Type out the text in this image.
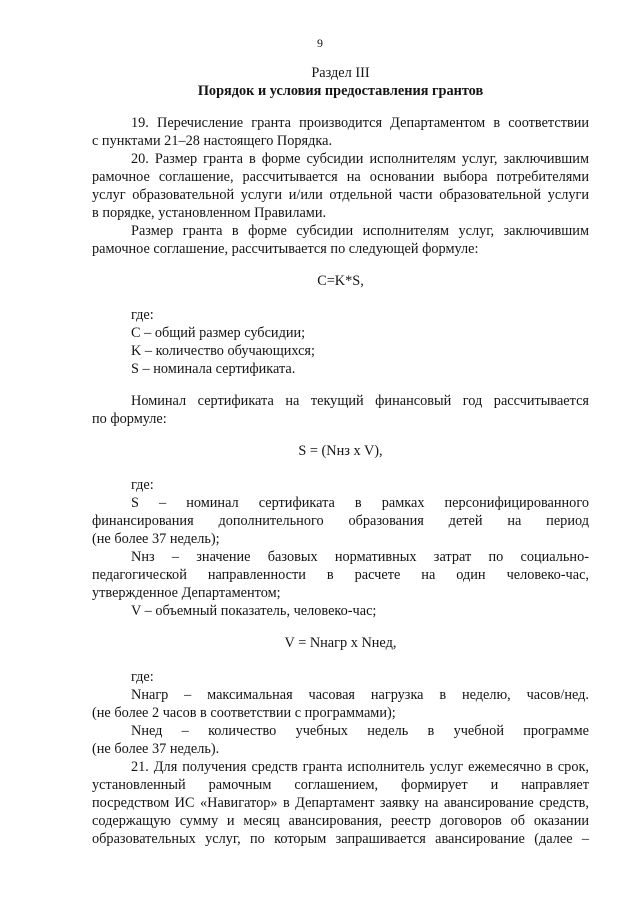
9
Раздел III
Порядок и условия предоставления грантов
19. Перечисление гранта производится Департаментом в соответствии
с пунктами 21–28 настоящего Порядка.
20. Размер гранта в форме субсидии исполнителям услуг, заключившим
рамочное соглашение, рассчитывается на основании выбора потребителями
услуг образовательной услуги и/или отдельной части образовательной услуги
в порядке, установленном Правилами.
Размер гранта в форме субсидии исполнителям услуг, заключившим
рамочное соглашение, рассчитывается по следующей формуле:
C=K*S,
где:
C – общий размер субсидии;
K – количество обучающихся;
S – номинала сертификата.
Номинал сертификата на текущий финансовый год рассчитывается
по формуле:
S = (Nнз x V),
где:
S – номинал сертификата в рамках персонифицированного
финансирования дополнительного образования детей на период
(не более 37 недель);
Nнз – значение базовых нормативных затрат по социально-
педагогической направленности в расчете на один человеко-час,
утвержденное Департаментом;
V – объемный показатель, человеко-час;
V = Nнагр x Nнед,
где:
Nнагр – максимальная часовая нагрузка в неделю, часов/нед.
(не более 2 часов в соответствии с программами);
Nнед – количество учебных недель в учебной программе
(не более 37 недель).
21. Для получения средств гранта исполнитель услуг ежемесячно в срок,
установленный рамочным соглашением, формирует и направляет
посредством ИС «Навигатор» в Департамент заявку на авансирование средств,
содержащую сумму и месяц авансирования, реестр договоров об оказании
образовательных услуг, по которым запрашивается авансирование (далее –
